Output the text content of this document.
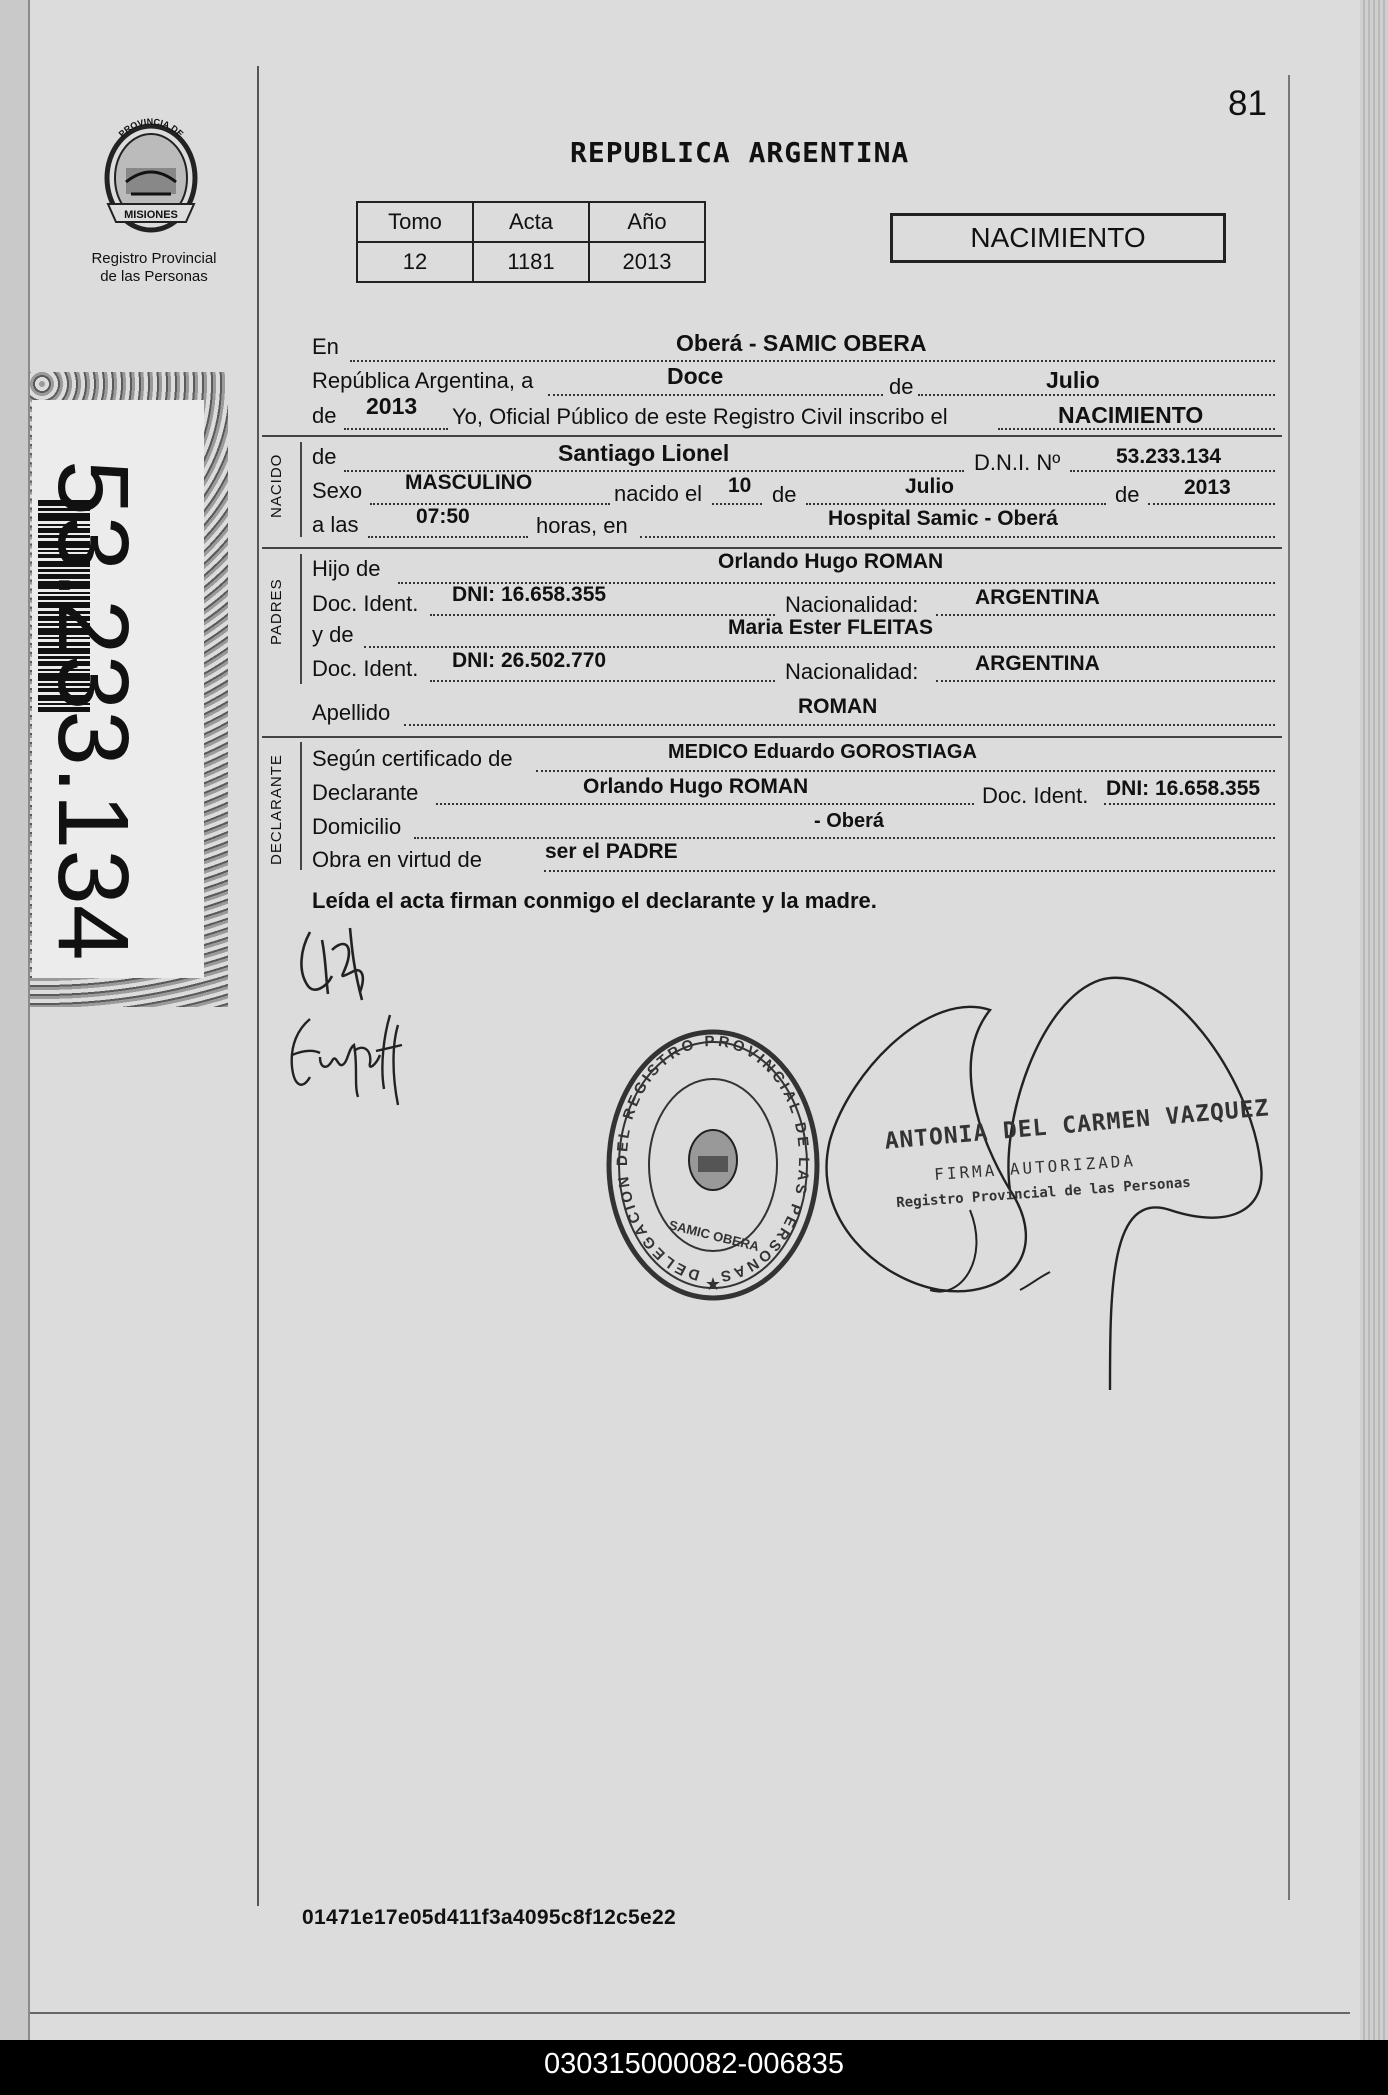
PROVINCIA DE
MISIONES
Registro Provincial
de las Personas
53.233.134
81
REPUBLICA ARGENTINA
Tomo	Acta	Año
12	1181	2013
NACIMIENTO
En	Oberá - SAMIC OBERA
República Argentina, a	Doce	de	Julio
de 2013 Yo, Oficial Público de este Registro Civil inscribo el	NACIMIENTO
NACIDO de	Santiago Lionel	D.N.I. Nº	53.233.134
Sexo MASCULINO	nacido el 10 de	Julio	de 2013
a las	07:50	horas, en	Hospital Samic - Oberá
PADRES
Hijo de	Orlando Hugo ROMAN
Doc. Ident. DNI: 16.658.355	Nacionalidad:	ARGENTINA
y de	Maria Ester FLEITAS
Doc. Ident. DNI: 26.502.770	Nacionalidad:	ARGENTINA
Apellido	ROMAN
DECLARANTE Según certificado de	MEDICO Eduardo GOROSTIAGA
Declarante	Orlando Hugo ROMAN	Doc. Ident. DNI: 16.658.355
Domicilio	- Oberá
Obra en virtud de	ser el PADRE
Leída el acta firman conmigo el declarante y la madre.
DELEGACION DEL REGISTRO PROVINCIAL DE LAS PERSONAS
SAMIC OBERA
★
ANTONIA DEL CARMEN VAZQUEZ
FIRMA AUTORIZADA
Registro Provincial de las Personas
01471e17e05d411f3a4095c8f12c5e22
030315000082-006835
